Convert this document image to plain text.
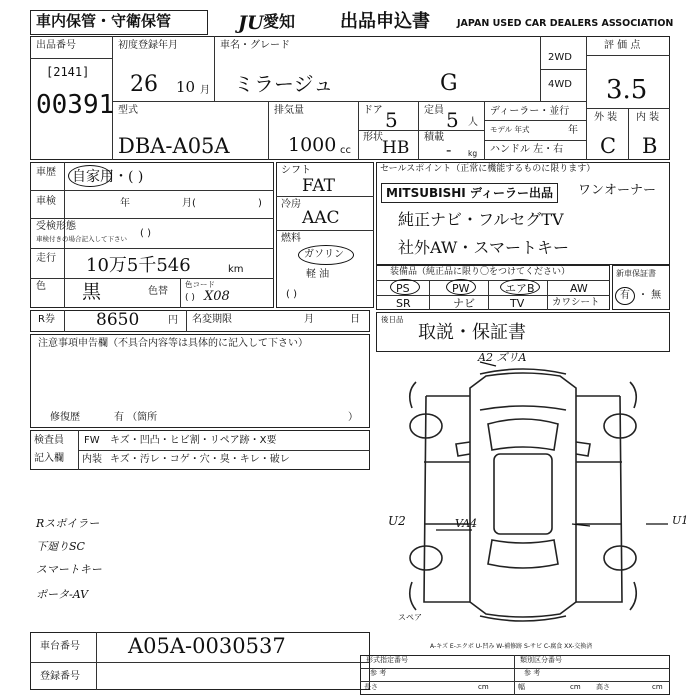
車内保管・守衛保管	JU 愛知 出品申込書	JAPAN USED CAR DEALERS ASSOCIATION
出品番号
[2141]
00391
初度登録年月
26 10 月
車名・グレード
ミラージュ	G
2WD
4WD
評 価 点
3.5
型式
DBA-A05A
排気量
1000 cc
ドア 5
形状
HB
定員 5 人
積載
- kg
ディーラー・並行
モデル 年式	年
ハンドル 左・右
外 装 内 装
C B
車歴 自家用・( )
車検	年	月(	)
受検形態
車検付きの場合記入して下さい ( )
走行 10万5千546	km
色 黒	色替
色コード
( ) X08
シフト
FAT
冷房
AAC
燃料
ガソリン
軽 油
( )
セールスポイント（正常に機能するものに限ります）
MITSUBISHI ディーラー出品	ワンオーナー
純正ナビ・フルセグTV
社外AW・スマートキー
装備品（純正品に限り〇をつけてください）
PS	PW	エアB	AW
SR	ナビ	TV	カワシート
新車保証書
有 ・ 無
R券 8650	円 名変期限	月	日	後日品
取説・保証書
注意事項申告欄（不具合内容等は具体的に記入して下さい）
修復歴	有 （箇所	）
検査員
記入欄
FW キズ・凹凸・ヒビ割・リペア跡・X要
内装 キズ・汚レ・コゲ・穴・臭・キレ・破レ
Rスポイラー
下廻りSC
スマートキー
ポータ-AV
A2 ズリA
U2	VA4	U1
スペア
A-キズ E-エクボ U-凹み W-補修跡 S-サビ C-腐食 XX-交換済
車台番号 A05A-0030537
登録番号
形式指定番号
参 考
類別区分番号
参 考
長さ	cm	幅	cm 高さ	cm
